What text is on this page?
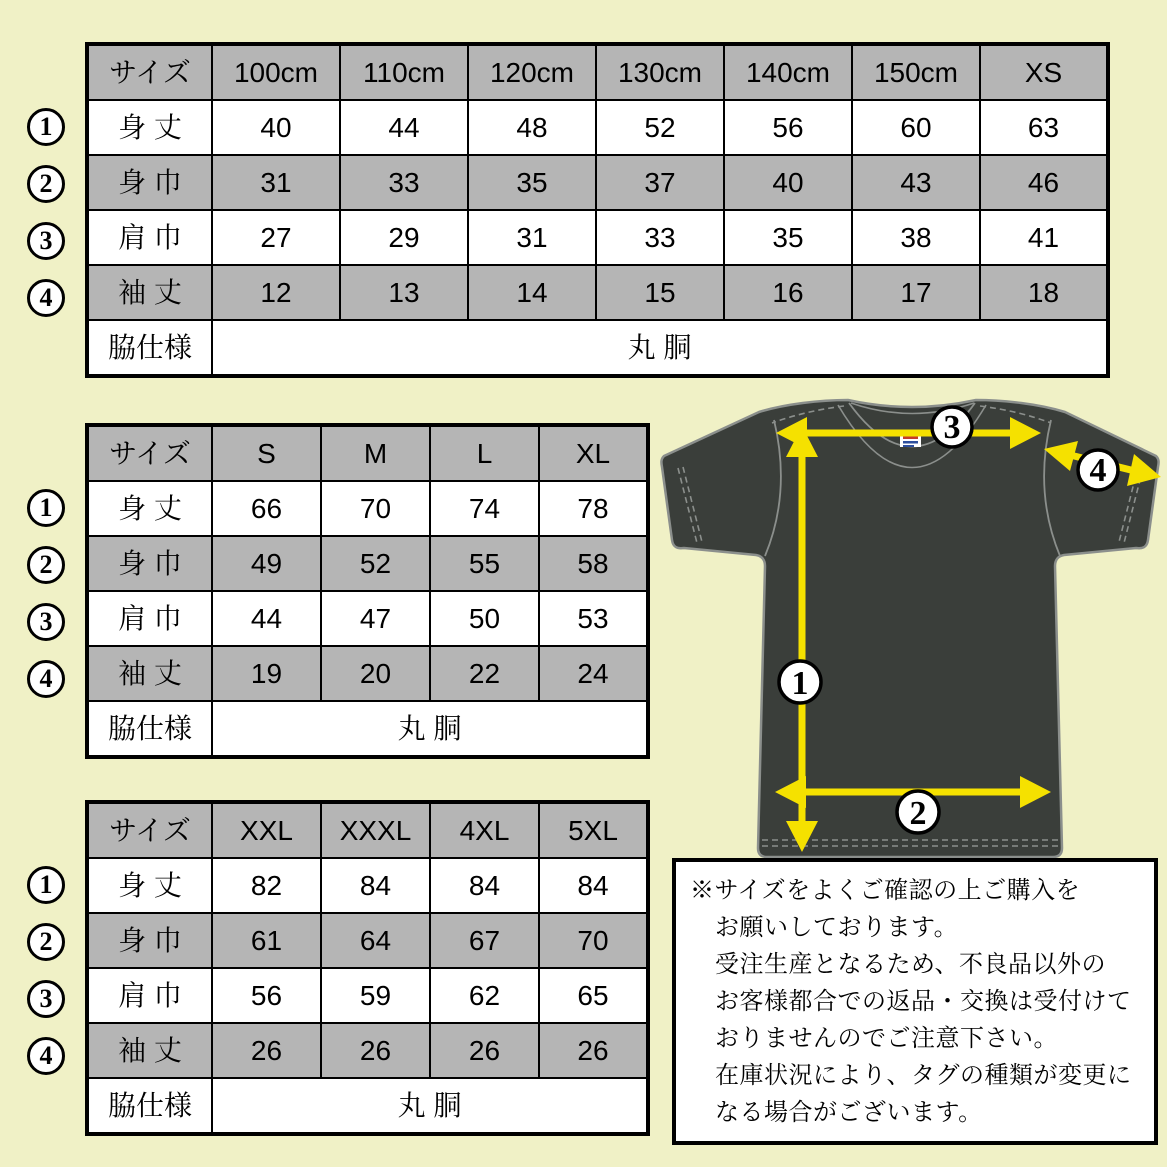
サイズ	100cm	110cm	120cm	130cm	140cm	150cm	XS
身 丈	40	44	48	52	56	60	63
身 巾	31	33	35	37	40	43	46
肩 巾	27	29	31	33	35	38	41
袖 丈	12	13	14	15	16	17	18
脇仕様	丸 胴						
1
2
3
4
サイズ	S	M	L	XL
身 丈	66	70	74	78
身 巾	49	52	55	58
肩 巾	44	47	50	53
袖 丈	19	20	22	24
脇仕様	丸 胴			
1
2
3
4
サイズ	XXL	XXXL	4XL	5XL
身 丈	82	84	84	84
身 巾	61	64	67	70
肩 巾	56	59	62	65
袖 丈	26	26	26	26
脇仕様	丸 胴			
1
2
3
4
3
4
1
2
※サイズをよくご確認の上ご購入を
お願いしております。
受注生産となるため、不良品以外の
お客様都合での返品・交換は受付けて
おりませんのでご注意下さい。
在庫状況により、タグの種類が変更に
なる場合がございます。
